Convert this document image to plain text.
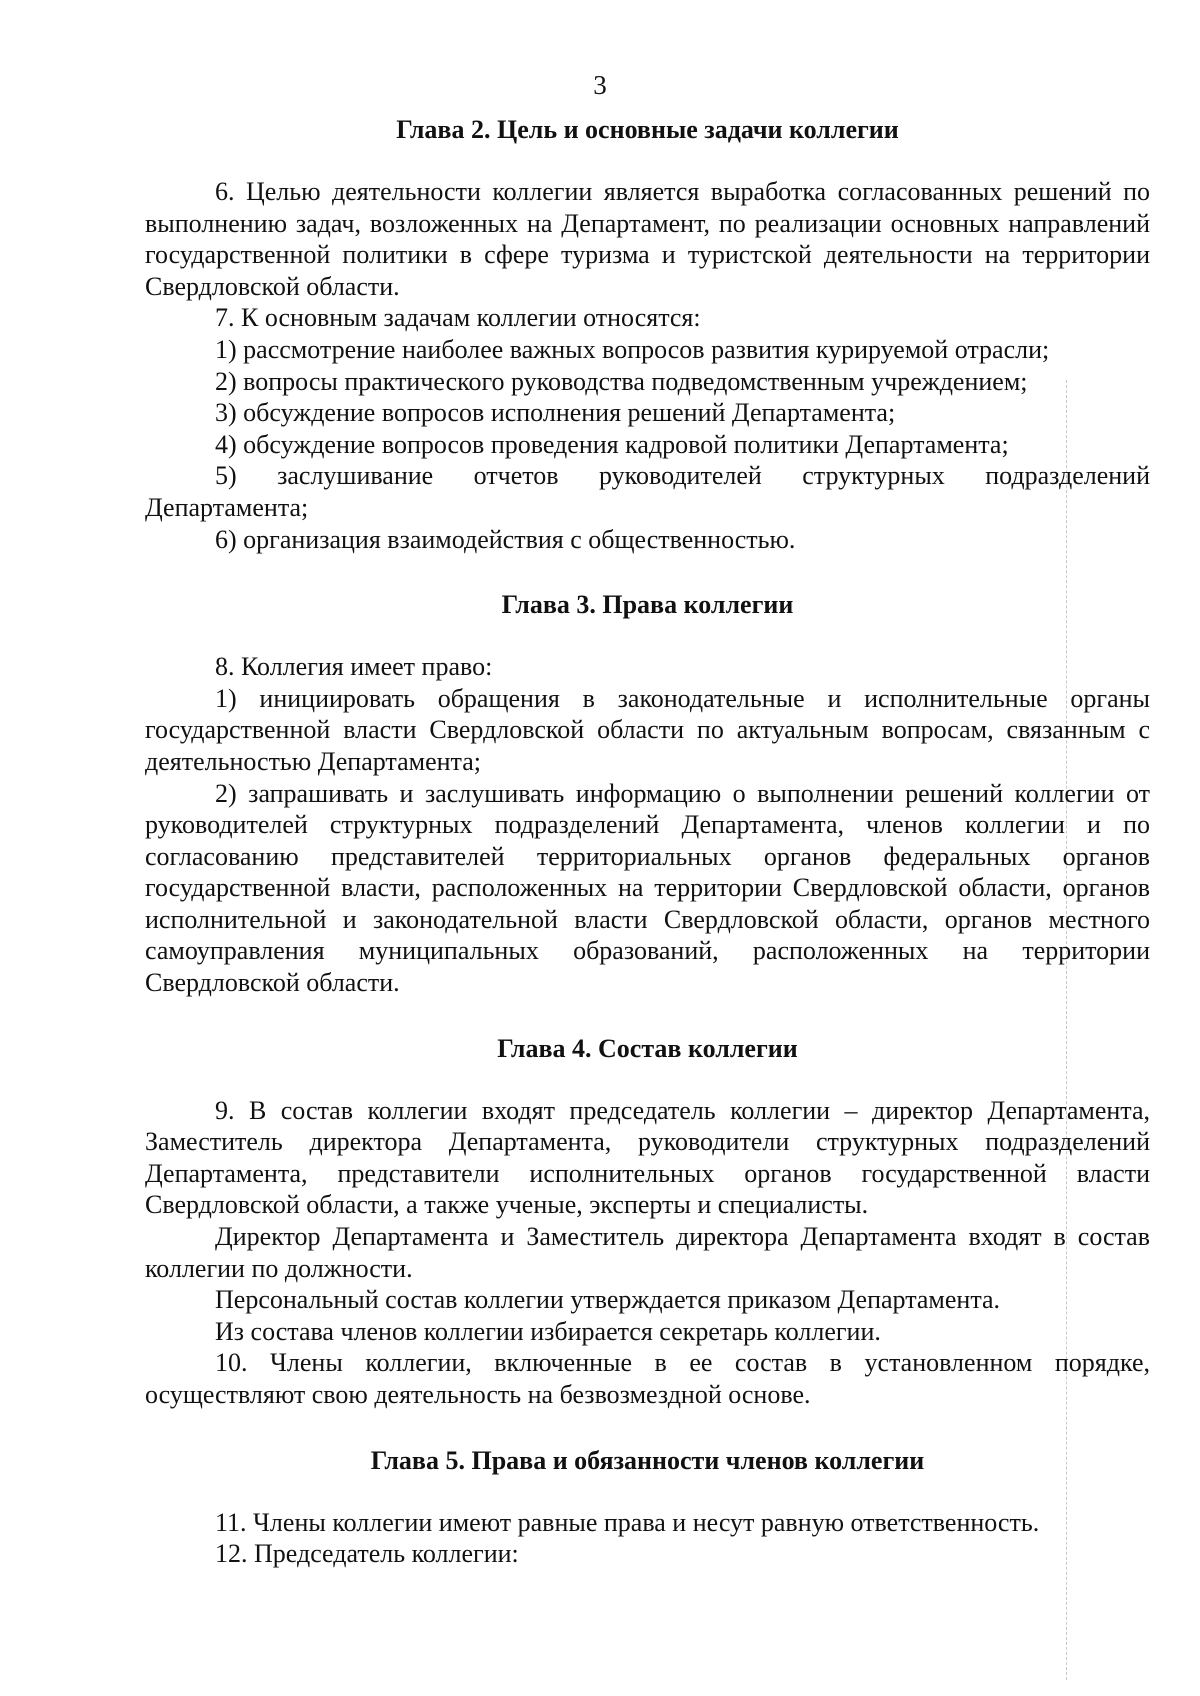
3
Глава 2. Цель и основные задачи коллегии

6. Целью деятельности коллегии является выработка согласованных решений по выполнению задач, возложенных на Департамент, по реализации основных направлений государственной политики в сфере туризма и туристской деятельности на территории Свердловской области.

7. К основным задачам коллегии относятся:

1) рассмотрение наиболее важных вопросов развития курируемой отрасли;

2) вопросы практического руководства подведомственным учреждением;

3) обсуждение вопросов исполнения решений Департамента;

4) обсуждение вопросов проведения кадровой политики Департамента;

5) заслушивание отчетов руководителей структурных подразделений Департамента;

6) организация взаимодействия с общественностью.

Глава 3. Права коллегии

8. Коллегия имеет право:

1) инициировать обращения в законодательные и исполнительные органы государственной власти Свердловской области по актуальным вопросам, связанным с деятельностью Департамента;

2) запрашивать и заслушивать информацию о выполнении решений коллегии от руководителей структурных подразделений Департамента, членов коллегии и по согласованию представителей территориальных органов федеральных органов государственной власти, расположенных на территории Свердловской области, органов исполнительной и законодательной власти Свердловской области, органов местного самоуправления муниципальных образований, расположенных на территории Свердловской области.

Глава 4. Состав коллегии

9. В состав коллегии входят председатель коллегии – директор Департамента, Заместитель директора Департамента, руководители структурных подразделений Департамента, представители исполнительных органов государственной власти Свердловской области, а также ученые, эксперты и специалисты.

Директор Департамента и Заместитель директора Департамента входят в состав коллегии по должности.

Персональный состав коллегии утверждается приказом Департамента.

Из состава членов коллегии избирается секретарь коллегии.

10. Члены коллегии, включенные в ее состав в установленном порядке, осуществляют свою деятельность на безвозмездной основе.

Глава 5. Права и обязанности членов коллегии

11. Члены коллегии имеют равные права и несут равную ответственность.

12. Председатель коллегии:
